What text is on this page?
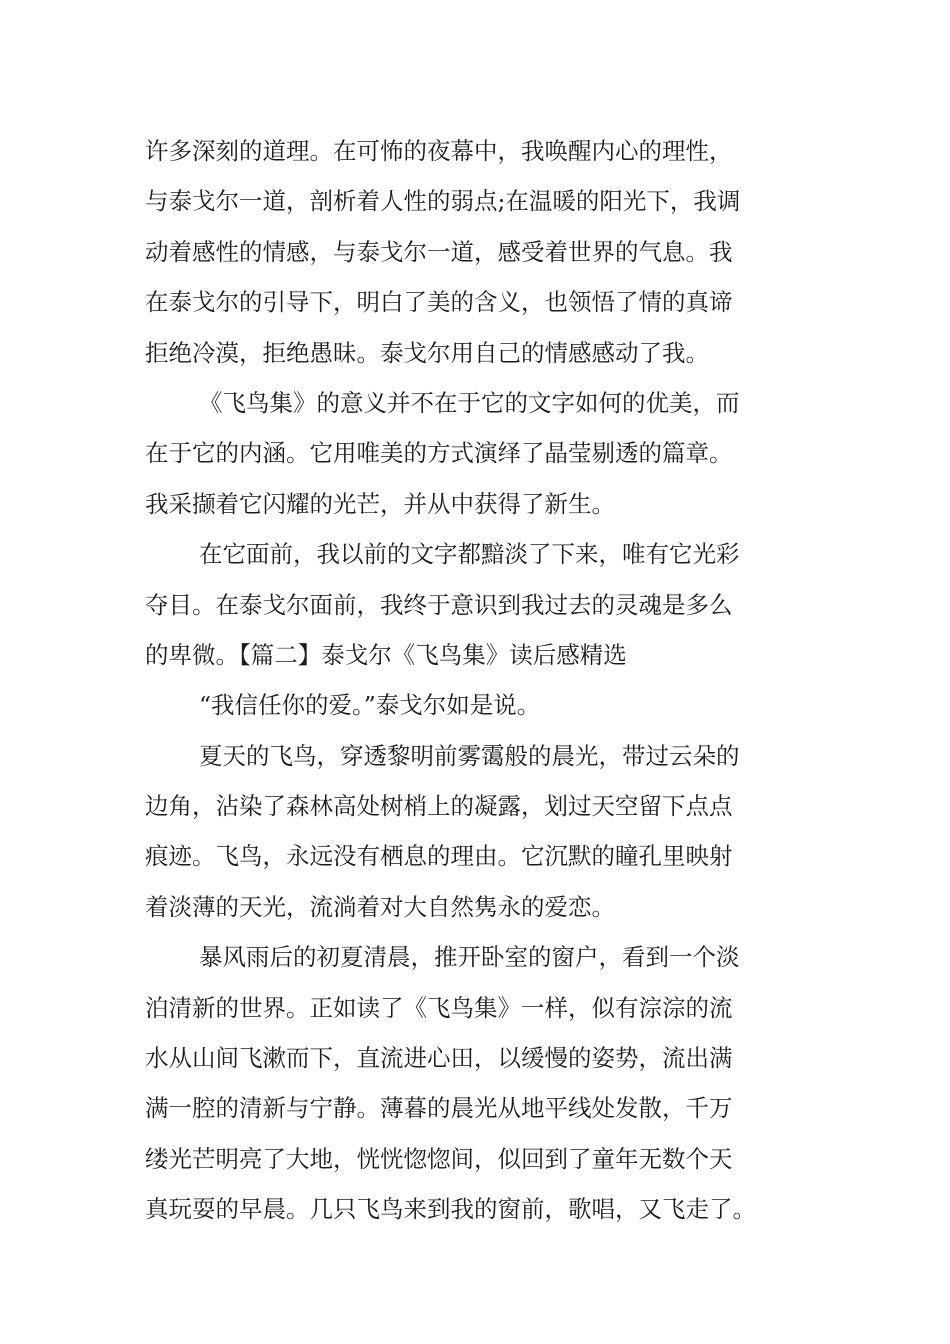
许多深刻的道理。在可怖的夜幕中，我唤醒内心的理性，
与泰戈尔一道，剖析着人性的弱点;在温暖的阳光下，我调
动着感性的情感，与泰戈尔一道，感受着世界的气息。我
在泰戈尔的引导下，明白了美的含义，也领悟了情的真谛
拒绝冷漠，拒绝愚昧。泰戈尔用自己的情感感动了我。
《飞鸟集》的意义并不在于它的文字如何的优美，而
在于它的内涵。它用唯美的方式演绎了晶莹剔透的篇章。
我采撷着它闪耀的光芒，并从中获得了新生。
在它面前，我以前的文字都黯淡了下来，唯有它光彩
夺目。在泰戈尔面前，我终于意识到我过去的灵魂是多么
的卑微。【篇二】泰戈尔《飞鸟集》读后感精选
“我信任你的爱。”泰戈尔如是说。
夏天的飞鸟，穿透黎明前雾霭般的晨光，带过云朵的
边角，沾染了森林高处树梢上的凝露，划过天空留下点点
痕迹。飞鸟，永远没有栖息的理由。它沉默的瞳孔里映射
着淡薄的天光，流淌着对大自然隽永的爱恋。
暴风雨后的初夏清晨，推开卧室的窗户，看到一个淡
泊清新的世界。正如读了《飞鸟集》一样，似有淙淙的流
水从山间飞漱而下，直流进心田，以缓慢的姿势，流出满
满一腔的清新与宁静。薄暮的晨光从地平线处发散，千万
缕光芒明亮了大地，恍恍惚惚间，似回到了童年无数个天
真玩耍的早晨。几只飞鸟来到我的窗前，歌唱，又飞走了。
